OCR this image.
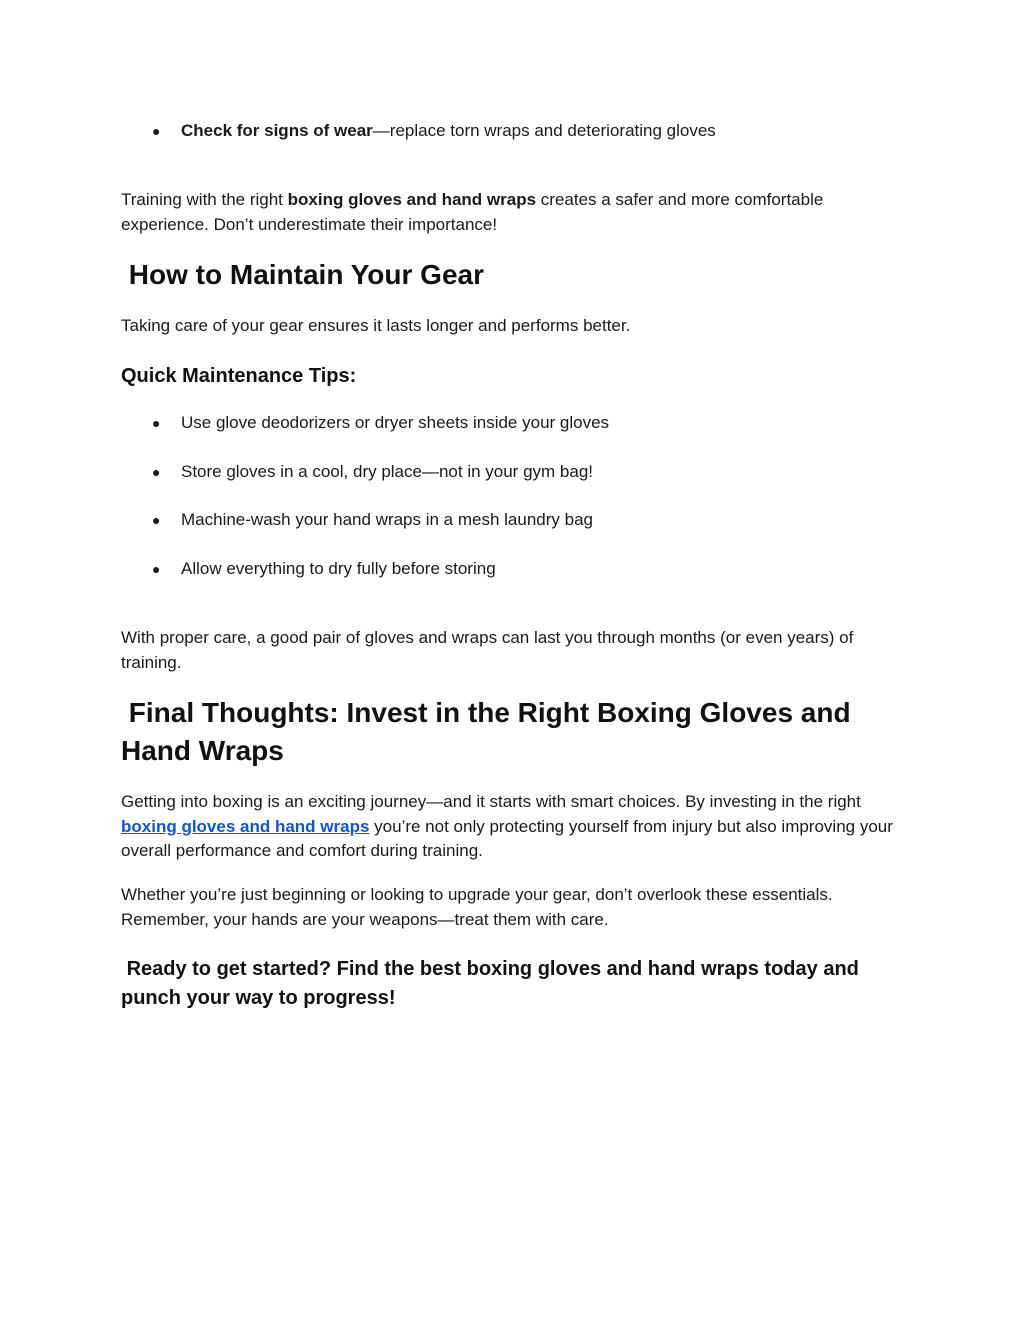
● Check for signs of wear—replace torn wraps and deteriorating gloves

Training with the right boxing gloves and hand wraps creates a safer and more comfortable experience. Don’t underestimate their importance!

How to Maintain Your Gear

Taking care of your gear ensures it lasts longer and performs better.

Quick Maintenance Tips:
● Use glove deodorizers or dryer sheets inside your gloves
● Store gloves in a cool, dry place—not in your gym bag!
● Machine-wash your hand wraps in a mesh laundry bag
● Allow everything to dry fully before storing

With proper care, a good pair of gloves and wraps can last you through months (or even years) of training.

Final Thoughts: Invest in the Right Boxing Gloves and Hand Wraps

Getting into boxing is an exciting journey—and it starts with smart choices. By investing in the right boxing gloves and hand wraps you’re not only protecting yourself from injury but also improving your overall performance and comfort during training.

Whether you’re just beginning or looking to upgrade your gear, don’t overlook these essentials. Remember, your hands are your weapons—treat them with care.

Ready to get started? Find the best boxing gloves and hand wraps today and punch your way to progress!
